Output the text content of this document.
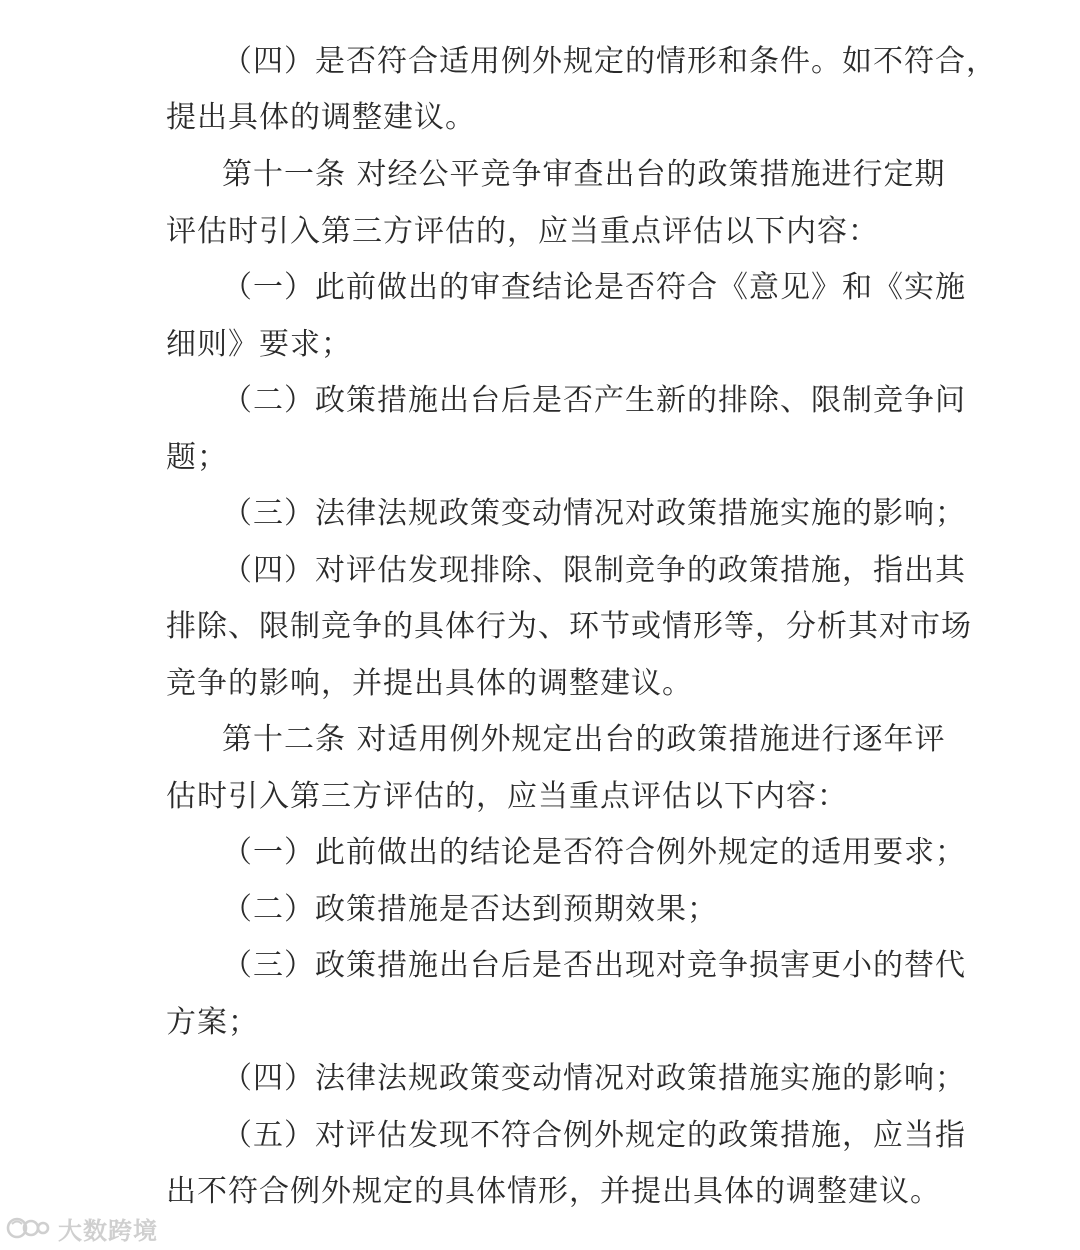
（四）是否符合适用例外规定的情形和条件。如不符合，
提出具体的调整建议。
第十一条 对经公平竞争审查出台的政策措施进行定期
评估时引入第三方评估的，应当重点评估以下内容：
（一）此前做出的审查结论是否符合《意见》和《实施
细则》要求；
（二）政策措施出台后是否产生新的排除、限制竞争问
题；
（三）法律法规政策变动情况对政策措施实施的影响；
（四）对评估发现排除、限制竞争的政策措施，指出其
排除、限制竞争的具体行为、环节或情形等，分析其对市场
竞争的影响，并提出具体的调整建议。
第十二条 对适用例外规定出台的政策措施进行逐年评
估时引入第三方评估的，应当重点评估以下内容：
（一）此前做出的结论是否符合例外规定的适用要求；
（二）政策措施是否达到预期效果；
（三）政策措施出台后是否出现对竞争损害更小的替代
方案；
（四）法律法规政策变动情况对政策措施实施的影响；
（五）对评估发现不符合例外规定的政策措施，应当指
出不符合例外规定的具体情形，并提出具体的调整建议。
大数跨境
